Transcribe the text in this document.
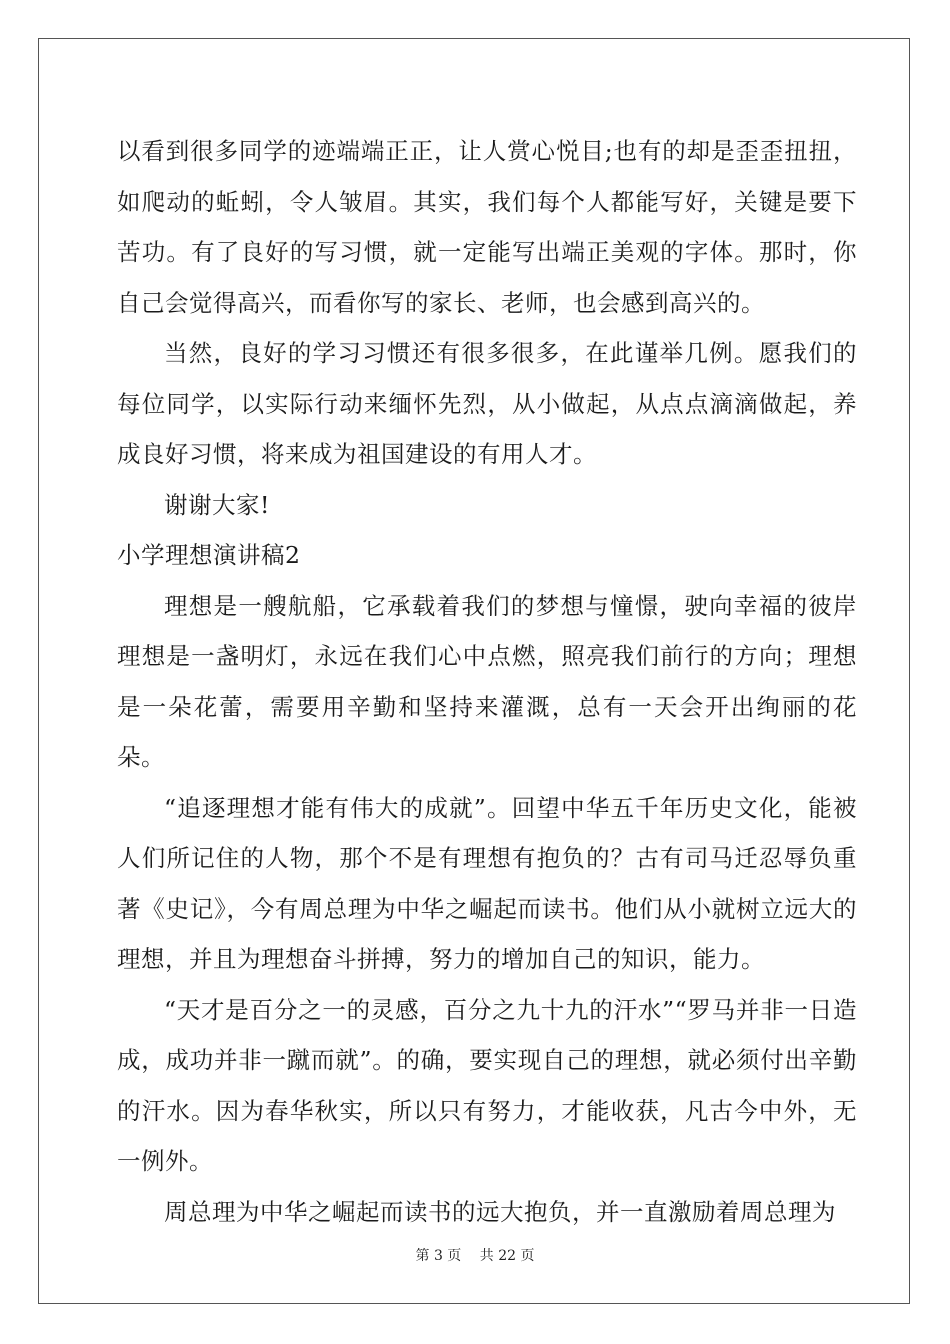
以看到很多同学的迹端端正正，让人赏心悦目;也有的却是歪歪扭扭，如爬动的蚯蚓，令人皱眉。其实，我们每个人都能写好，关键是要下苦功。有了良好的写习惯，就一定能写出端正美观的字体。那时，你自己会觉得高兴，而看你写的家长、老师，也会感到高兴的。

当然，良好的学习习惯还有很多很多，在此谨举几例。愿我们的每位同学，以实际行动来缅怀先烈，从小做起，从点点滴滴做起，养成良好习惯，将来成为祖国建设的有用人才。

谢谢大家!

小学理想演讲稿2

理想是一艘航船，它承载着我们的梦想与憧憬，驶向幸福的彼岸理想是一盏明灯，永远在我们心中点燃，照亮我们前行的方向；理想是一朵花蕾，需要用辛勤和坚持来灌溉，总有一天会开出绚丽的花朵。

“追逐理想才能有伟大的成就”。回望中华五千年历史文化，能被人们所记住的人物，那个不是有理想有抱负的？古有司马迁忍辱负重著《史记》，今有周总理为中华之崛起而读书。他们从小就树立远大的理想，并且为理想奋斗拼搏，努力的增加自己的知识，能力。

“天才是百分之一的灵感，百分之九十九的汗水”“罗马并非一日造成，成功并非一蹴而就”。的确，要实现自己的理想，就必须付出辛勤的汗水。因为春华秋实，所以只有努力，才能收获，凡古今中外，无一例外。

周总理为中华之崛起而读书的远大抱负，并一直激励着周总理为

第 3 页 共 22 页
